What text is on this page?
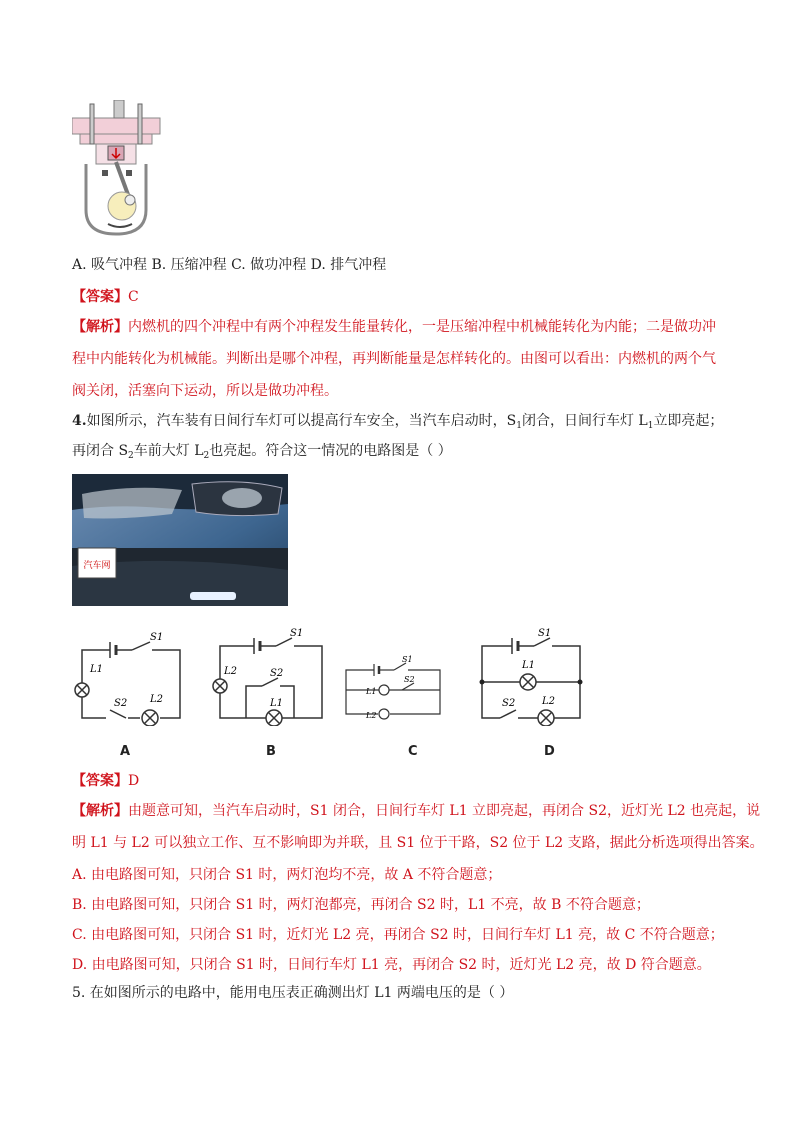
A. 吸气冲程 B. 压缩冲程 C. 做功冲程 D. 排气冲程
【答案】C
【解析】内燃机的四个冲程中有两个冲程发生能量转化，一是压缩冲程中机械能转化为内能；二是做功冲
程中内能转化为机械能。判断出是哪个冲程，再判断能量是怎样转化的。由图可以看出：内燃机的两个气
阀关闭，活塞向下运动，所以是做功冲程。
4.如图所示，汽车装有日间行车灯可以提高行车安全，当汽车启动时，$S_1$闭合，日间行车灯 $L_1$立即亮起；
再闭合 $S_2$车前大灯 $L_2$也亮起。符合这一情况的电路图是（ ）
汽车网
S1
L1
S2 L2
S1
L2	S2
L1
S1
L1
S2
L2
S1
L1
S2	L2
A	B	C	D
【答案】D
【解析】由题意可知，当汽车启动时，S1 闭合，日间行车灯 L1 立即亮起，再闭合 S2，近灯光 L2 也亮起，说
明 L1 与 L2 可以独立工作、互不影响即为并联，且 S1 位于干路，S2 位于 L2 支路，据此分析选项得出答案。
A. 由电路图可知，只闭合 S1 时，两灯泡均不亮，故 A 不符合题意；
B. 由电路图可知，只闭合 S1 时，两灯泡都亮，再闭合 S2 时，L1 不亮，故 B 不符合题意；
C. 由电路图可知，只闭合 S1 时，近灯光 L2 亮，再闭合 S2 时，日间行车灯 L1 亮，故 C 不符合题意；
D. 由电路图可知，只闭合 S1 时，日间行车灯 L1 亮，再闭合 S2 时，近灯光 L2 亮，故 D 符合题意。
5. 在如图所示的电路中，能用电压表正确测出灯 L1 两端电压的是（ ）
